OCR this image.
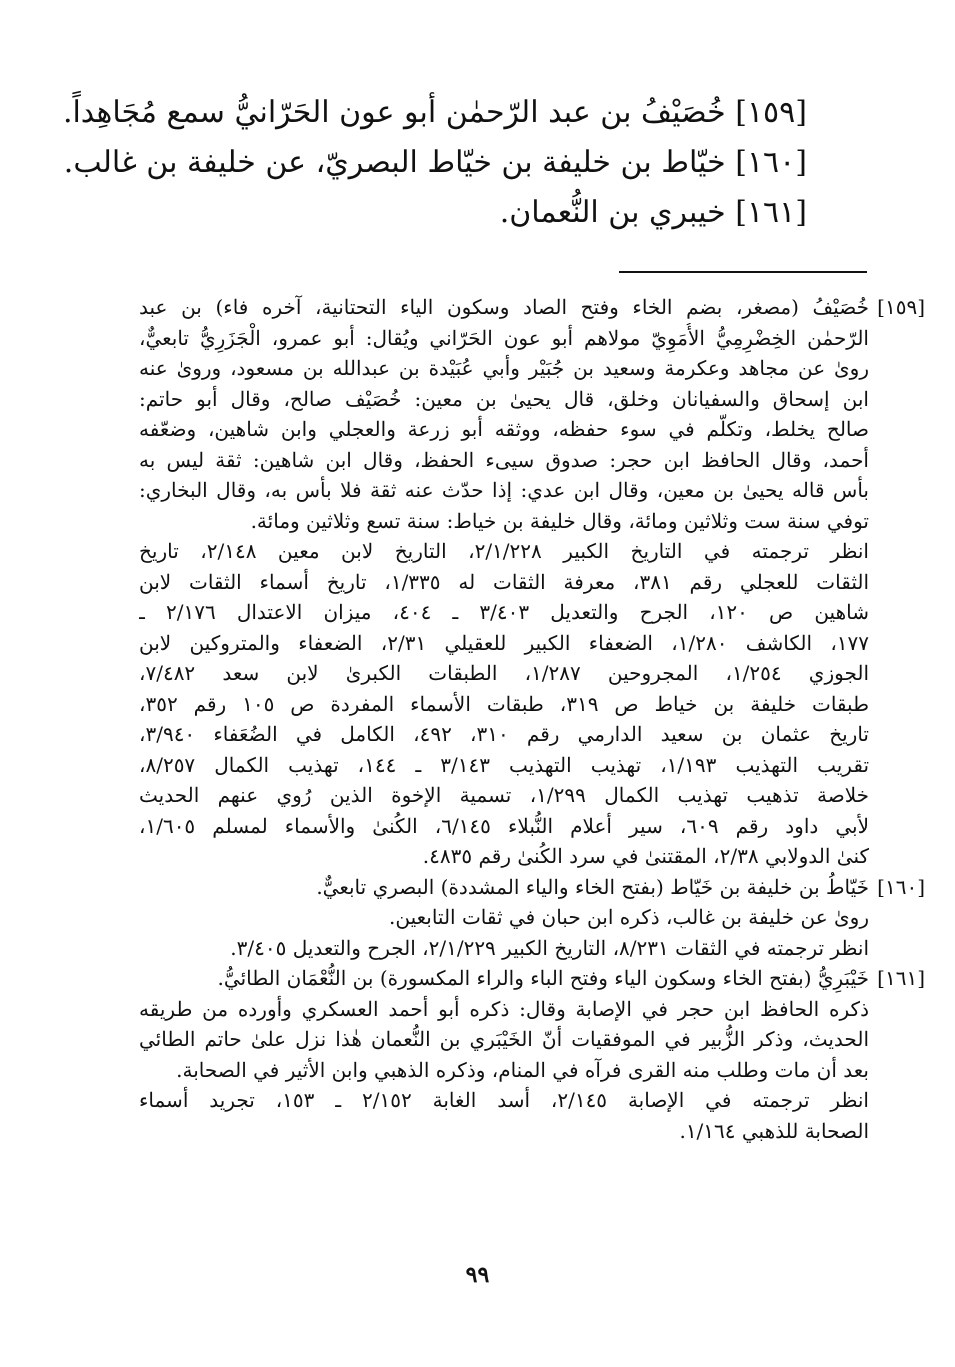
[١٥٩] خُصَيْفُ بن عبد الرّحمٰن أبو عون الحَرّانيُّ سمع مُجَاهِداً.
[١٦٠] خيّاط بن خليفة بن خيّاط البصريّ، عن خليفة بن غالب.
[١٦١] خيبري بن النُّعمان.
[١٥٩]
خُصَيْفُ (مصغر، بضم الخاء وفتح الصاد وسكون الياء التحتانية، آخره فاء) بن عبد
الرّحمٰن الخِضْرِمِيُّ الأُمَوِيّ مولاهم أبو عون الحَرّاني ويُقال: أبو عمرو، الْجَزَرِيُّ تابعيٌّ،
روىٰ عن مجاهد وعكرمة وسعيد بن جُبَيْر وأبي عُبَيْدة بن عبدالله بن مسعود، وروىٰ عنه
ابن إسحاق والسفيانان وخلق، قال يحيىٰ بن معين: خُصَيْف صالح، وقال أبو حاتم:
صالح يخلط، وتكلّم في سوء حفظه، ووثقه أبو زرعة والعجلي وابن شاهين، وضعّفه
أحمد، وقال الحافظ ابن حجر: صدوق سيىء الحفظ، وقال ابن شاهين: ثقة ليس به
بأس قاله يحيىٰ بن معين، وقال ابن عدي: إذا حدّث عنه ثقة فلا بأس به، وقال البخاري:
توفي سنة ست وثلاثين ومائة، وقال خليفة بن خياط: سنة تسع وثلاثين ومائة.
انظر ترجمته في التاريخ الكبير ٢/١/٢٢٨، التاريخ لابن معين ٢/١٤٨، تاريخ
الثقات للعجلي رقم ٣٨١، معرفة الثقات له ١/٣٣٥، تاريخ أسماء الثقات لابن
شاهين ص ١٢٠، الجرح والتعديل ٣/٤٠٣ ـ ٤٠٤، ميزان الاعتدال ٢/١٧٦ ـ
١٧٧، الكاشف ١/٢٨٠، الضعفاء الكبير للعقيلي ٢/٣١، الضعفاء والمتروكين لابن
الجوزي ١/٢٥٤، المجروحين ١/٢٨٧، الطبقات الكبرىٰ لابن سعد ٧/٤٨٢،
طبقات خليفة بن خياط ص ٣١٩، طبقات الأسماء المفردة ص ١٠٥ رقم ٣٥٢،
تاريخ عثمان بن سعيد الدارمي رقم ٣١٠، ٤٩٢، الكامل في الضُعَفاء ٣/٩٤٠،
تقريب التهذيب ١/١٩٣، تهذيب التهذيب ٣/١٤٣ ـ ١٤٤، تهذيب الكمال ٨/٢٥٧،
خلاصة تذهيب تهذيب الكمال ١/٢٩٩، تسمية الإخوة الذين رُوي عنهم الحديث
لأبي داود رقم ٦٠٩، سير أعلام النُّبلاء ٦/١٤٥، الكُنىٰ والأسماء لمسلم ١/٦٠٥،
كنىٰ الدولابي ٢/٣٨، المقتنىٰ في سرد الكُنىٰ رقم ٤٨٣٥.
[١٦٠]
خَيّاطُ بن خليفة بن خَيّاط (بفتح الخاء والياء المشددة) البصري تابعيٌّ.
روىٰ عن خليفة بن غالب، ذكره ابن حبان في ثقات التابعين.
انظر ترجمته في الثقات ٨/٢٣١، التاريخ الكبير ٢/١/٢٢٩، الجرح والتعديل ٣/٤٠٥.
[١٦١]
خَيْبَرِيُّ (بفتح الخاء وسكون الياء وفتح الباء والراء المكسورة) بن النُّعْمَان الطائيُّ.
ذكره الحافظ ابن حجر في الإصابة وقال: ذكره أبو أحمد العسكري وأورده من طريقه
الحديث، وذكر الزُّبير في الموفقيات أنّ الخَيْبَري بن النُّعمان هٰذا نزل علىٰ حاتم الطائي
بعد أن مات وطلب منه القرى فرآه في المنام، وذكره الذهبي وابن الأثير في الصحابة.
انظر ترجمته في الإصابة ٢/١٤٥، أسد الغابة ٢/١٥٢ ـ ١٥٣، تجريد أسماء
الصحابة للذهبي ١/١٦٤.
٩٩
